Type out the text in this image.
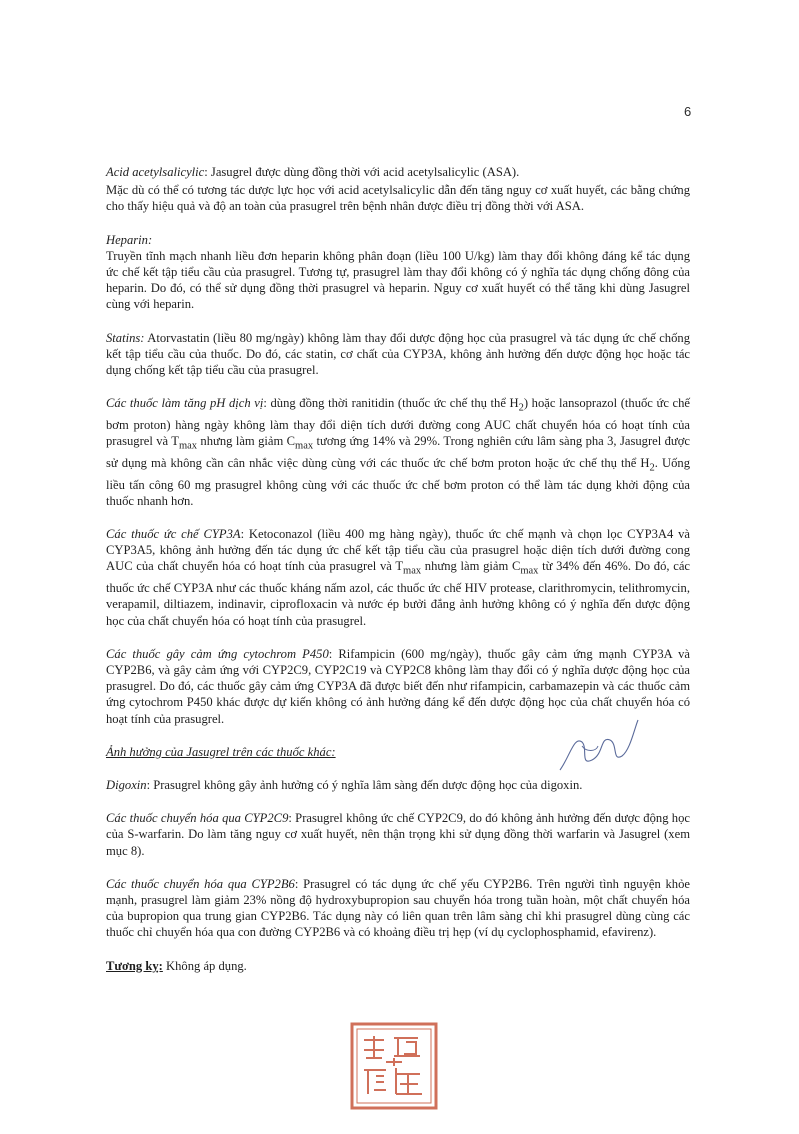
6

Acid acetylsalicylic: Jasugrel được dùng đồng thời với acid acetylsalicylic (ASA).

Mặc dù có thể có tương tác dược lực học với acid acetylsalicylic dẫn đến tăng nguy cơ xuất huyết, các bằng chứng cho thấy hiệu quả và độ an toàn của prasugrel trên bệnh nhân được điều trị đồng thời với ASA.

Heparin:
Truyền tĩnh mạch nhanh liều đơn heparin không phân đoạn (liều 100 U/kg) làm thay đổi không đáng kể tác dụng ức chế kết tập tiểu cầu của prasugrel. Tương tự, prasugrel làm thay đổi không có ý nghĩa tác dụng chống đông của heparin. Do đó, có thể sử dụng đồng thời prasugrel và heparin. Nguy cơ xuất huyết có thể tăng khi dùng Jasugrel cùng với heparin.

Statins: Atorvastatin (liều 80 mg/ngày) không làm thay đổi dược động học của prasugrel và tác dụng ức chế chống kết tập tiểu cầu của thuốc. Do đó, các statin, cơ chất của CYP3A, không ảnh hưởng đến dược động học hoặc tác dụng chống kết tập tiểu cầu của prasugrel.

Các thuốc làm tăng pH dịch vị: dùng đồng thời ranitidin (thuốc ức chế thụ thể $H_2$) hoặc lansoprazol (thuốc ức chế bơm proton) hàng ngày không làm thay đổi diện tích dưới đường cong AUC chất chuyển hóa có hoạt tính của prasugrel và $T_{max}$ nhưng làm giảm $C_{max}$ tương ứng 14% và 29%. Trong nghiên cứu lâm sàng pha 3, Jasugrel được sử dụng mà không cần cân nhắc việc dùng cùng với các thuốc ức chế bơm proton hoặc ức chế thụ thể $H_2$. Uống liều tấn công 60 mg prasugrel không cùng với các thuốc ức chế bơm proton có thể làm tác dụng khởi động của thuốc nhanh hơn.

Các thuốc ức chế CYP3A: Ketoconazol (liều 400 mg hàng ngày), thuốc ức chế mạnh và chọn lọc CYP3A4 và CYP3A5, không ảnh hưởng đến tác dụng ức chế kết tập tiểu cầu của prasugrel hoặc diện tích dưới đường cong AUC của chất chuyển hóa có hoạt tính của prasugrel và $T_{max}$ nhưng làm giảm $C_{max}$ từ 34% đến 46%. Do đó, các thuốc ức chế CYP3A như các thuốc kháng nấm azol, các thuốc ức chế HIV protease, clarithromycin, telithromycin, verapamil, diltiazem, indinavir, ciprofloxacin và nước ép bưởi đắng ảnh hưởng không có ý nghĩa đến dược động học của chất chuyển hóa có hoạt tính của prasugrel.

Các thuốc gây cảm ứng cytochrom P450: Rifampicin (600 mg/ngày), thuốc gây cảm ứng mạnh CYP3A và CYP2B6, và gây cảm ứng với CYP2C9, CYP2C19 và CYP2C8 không làm thay đổi có ý nghĩa dược động học của prasugrel. Do đó, các thuốc gây cảm ứng CYP3A đã được biết đến như rifampicin, carbamazepin và các thuốc cảm ứng cytochrom P450 khác được dự kiến không có ảnh hưởng đáng kể đến dược động học của chất chuyển hóa có hoạt tính của prasugrel.

Ảnh hưởng của Jasugrel trên các thuốc khác:

Digoxin: Prasugrel không gây ảnh hưởng có ý nghĩa lâm sàng đến dược động học của digoxin.

Các thuốc chuyển hóa qua CYP2C9: Prasugrel không ức chế CYP2C9, do đó không ảnh hưởng đến dược động học của S-warfarin. Do làm tăng nguy cơ xuất huyết, nên thận trọng khi sử dụng đồng thời warfarin và Jasugrel (xem mục 8).

Các thuốc chuyển hóa qua CYP2B6: Prasugrel có tác dụng ức chế yếu CYP2B6. Trên người tình nguyện khỏe mạnh, prasugrel làm giảm 23% nồng độ hydroxybupropion sau chuyển hóa trong tuần hoàn, một chất chuyển hóa của bupropion qua trung gian CYP2B6. Tác dụng này có liên quan trên lâm sàng chỉ khi prasugrel dùng cùng các thuốc chỉ chuyển hóa qua con đường CYP2B6 và có khoảng điều trị hẹp (ví dụ cyclophosphamid, efavirenz).

Tương kỵ: Không áp dụng.
